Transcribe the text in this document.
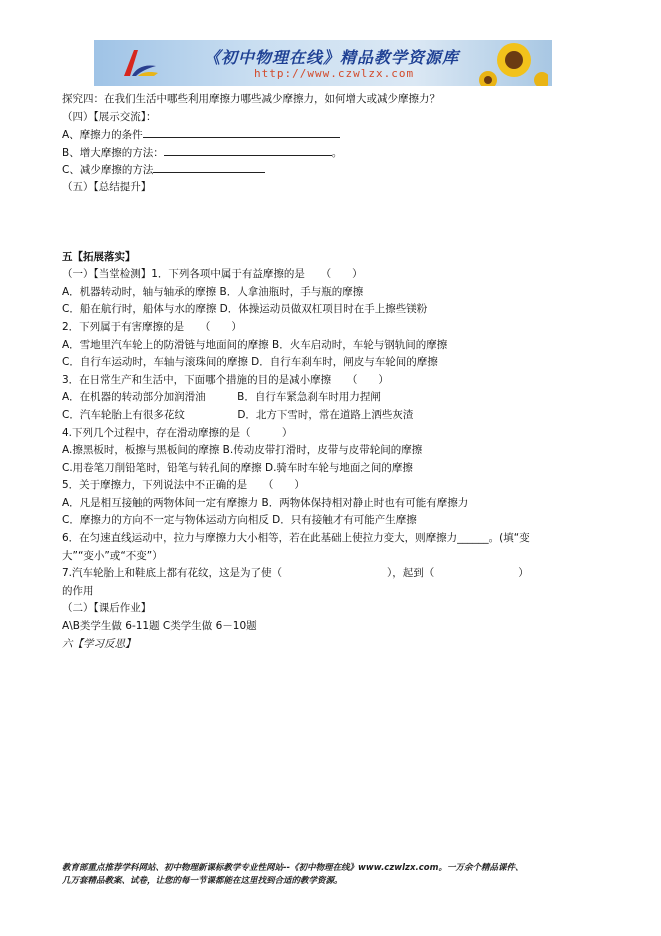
《初中物理在线》精品教学资源库
http://www.czwlzx.com
探究四：在我们生活中哪些利用摩擦力哪些减少摩擦力，如何增大或减少摩擦力？
（四）【展示交流】：
A、摩擦力的条件
B、增大摩擦的方法：	。
C、减少摩擦的方法
（五）【总结提升】
五【拓展落实】
（一）【当堂检测】1．下列各项中属于有益摩擦的是　　（　　）
A．机器转动时，轴与轴承的摩擦 B．人拿油瓶时，手与瓶的摩擦
C．船在航行时，船体与水的摩擦 D．体操运动员做双杠项目时在手上擦些镁粉
2．下列属于有害摩擦的是　　（　　）
A．雪地里汽车轮上的防滑链与地面间的摩擦 B．火车启动时，车轮与钢轨间的摩擦
C．自行车运动时，车轴与滚珠间的摩擦 D．自行车刹车时，闸皮与车轮间的摩擦
3．在日常生产和生活中，下面哪个措施的目的是减小摩擦　　（　　）
A．在机器的转动部分加润滑油　　　B．自行车紧急刹车时用力捏闸
C．汽车轮胎上有很多花纹　　　　　D．北方下雪时，常在道路上洒些灰渣
4.下列几个过程中，存在滑动摩擦的是（　　　）
A.擦黑板时，板擦与黑板间的摩擦 B.传动皮带打滑时，皮带与皮带轮间的摩擦
C.用卷笔刀削铅笔时，铅笔与转孔间的摩擦 D.骑车时车轮与地面之间的摩擦
5．关于摩擦力，下列说法中不正确的是　　（　　）
A．凡是相互接触的两物体间一定有摩擦力 B．两物体保持相对静止时也有可能有摩擦力
C．摩擦力的方向不一定与物体运动方向相反 D．只有接触才有可能产生摩擦
6．在匀速直线运动中，拉力与摩擦力大小相等，若在此基础上使拉力变大，则摩擦力______。(填“变
大”“变小”或“不变”）
7.汽车轮胎上和鞋底上都有花纹，这是为了使（　　　　　　　　　　），起到（　　　　　　　　）
的作用
（二）【课后作业】
A\B类学生做 6-11题 C类学生做 6－10题
六【学习反思】
教育部重点推荐学科网站、初中物理新课标教学专业性网站--《初中物理在线》www.czwlzx.com。一万余个精品课件、
几万套精品教案、试卷，让您的每一节课都能在这里找到合适的教学资源。
